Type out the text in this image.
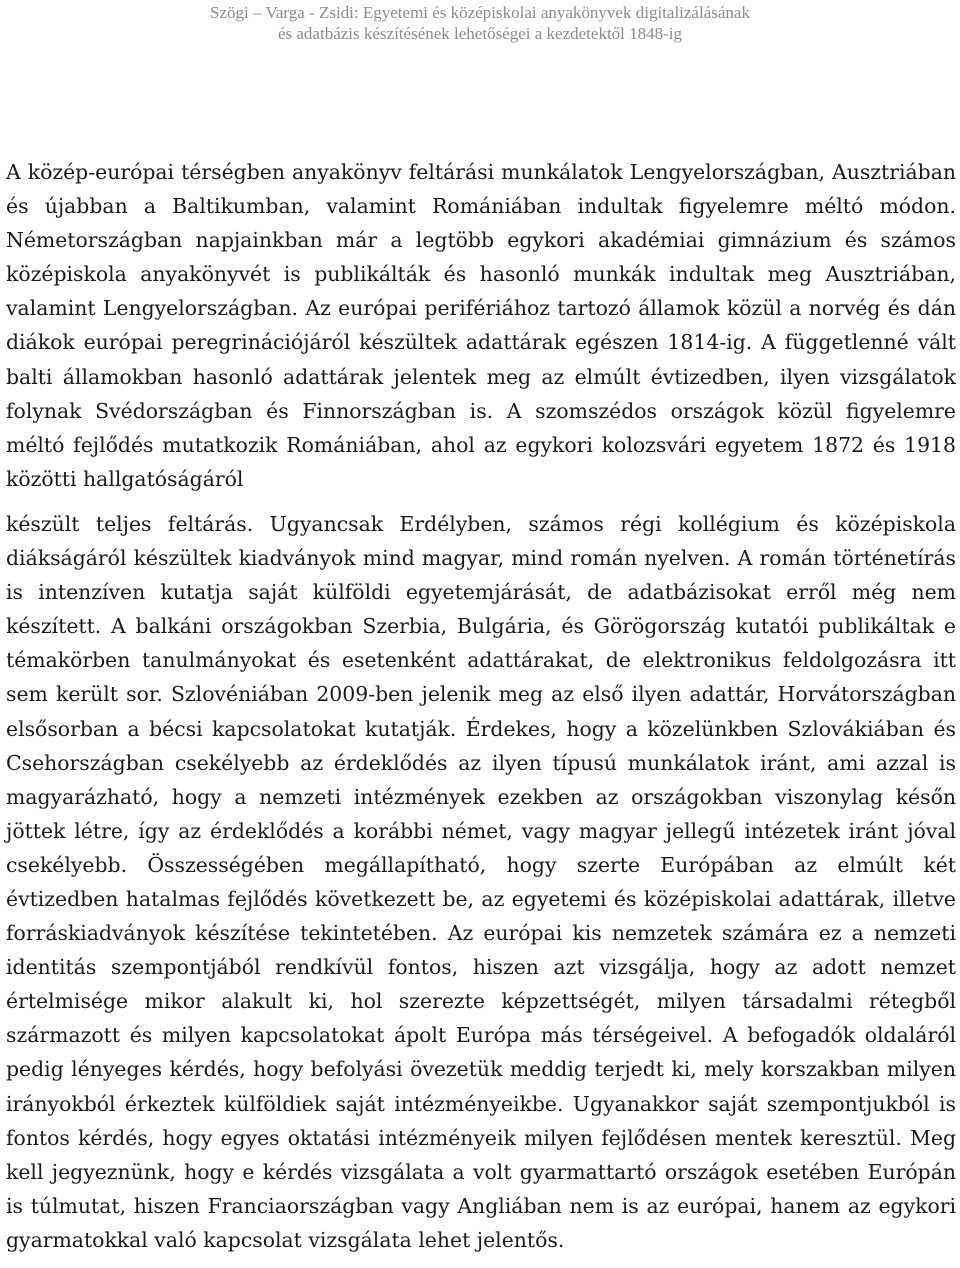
Szögi – Varga - Zsidi: Egyetemi és középiskolai anyakönyvek digitalizálásának
és adatbázis készítésének lehetőségei a kezdetektől 1848-ig

A közép-európai térségben anyakönyv feltárási munkálatok Lengyelországban, Ausztriában és újabban a Baltikumban, valamint Romániában indultak figyelemre méltó módon. Németországban napjainkban már a legtöbb egykori akadémiai gimnázium és számos középiskola anyakönyvét is publikálták és hasonló munkák indultak meg Ausztriában, valamint Lengyelországban. Az európai perifériához tartozó államok közül a norvég és dán diákok európai peregrinációjáról készültek adattárak egészen 1814-ig. A függetlenné vált balti államokban hasonló adattárak jelentek meg az elmúlt évtizedben, ilyen vizsgálatok folynak Svédországban és Finnországban is. A szomszédos országok közül figyelemre méltó fejlődés mutatkozik Romániában, ahol az egykori kolozsvári egyetem 1872 és 1918 közötti hallgatóságáról

készült teljes feltárás. Ugyancsak Erdélyben, számos régi kollégium és középiskola diákságáról készültek kiadványok mind magyar, mind román nyelven. A román történetírás is intenzíven kutatja saját külföldi egyetemjárását, de adatbázisokat erről még nem készített. A balkáni országokban Szerbia, Bulgária, és Görögország kutatói publikáltak e témakörben tanulmányokat és esetenként adattárakat, de elektronikus feldolgozásra itt sem került sor. Szlovéniában 2009-ben jelenik meg az első ilyen adattár, Horvátországban elsősorban a bécsi kapcsolatokat kutatják. Érdekes, hogy a közelünkben Szlovákiában és Csehországban csekélyebb az érdeklődés az ilyen típusú munkálatok iránt, ami azzal is magyarázható, hogy a nemzeti intézmények ezekben az országokban viszonylag későn jöttek létre, így az érdeklődés a korábbi német, vagy magyar jellegű intézetek iránt jóval csekélyebb. Összességében megállapítható, hogy szerte Európában az elmúlt két évtizedben hatalmas fejlődés következett be, az egyetemi és középiskolai adattárak, illetve forráskiadványok készítése tekintetében. Az európai kis nemzetek számára ez a nemzeti identitás szempontjából rendkívül fontos, hiszen azt vizsgálja, hogy az adott nemzet értelmisége mikor alakult ki, hol szerezte képzettségét, milyen társadalmi rétegből származott és milyen kapcsolatokat ápolt Európa más térségeivel. A befogadók oldaláról pedig lényeges kérdés, hogy befolyási övezetük meddig terjedt ki, mely korszakban milyen irányokból érkeztek külföldiek saját intézményeikbe. Ugyanakkor saját szempontjukból is fontos kérdés, hogy egyes oktatási intézményeik milyen fejlődésen mentek keresztül. Meg kell jegyeznünk, hogy e kérdés vizsgálata a volt gyarmattartó országok esetében Európán is túlmutat, hiszen Franciaországban vagy Angliában nem is az európai, hanem az egykori gyarmatokkal való kapcsolat vizsgálata lehet jelentős.
